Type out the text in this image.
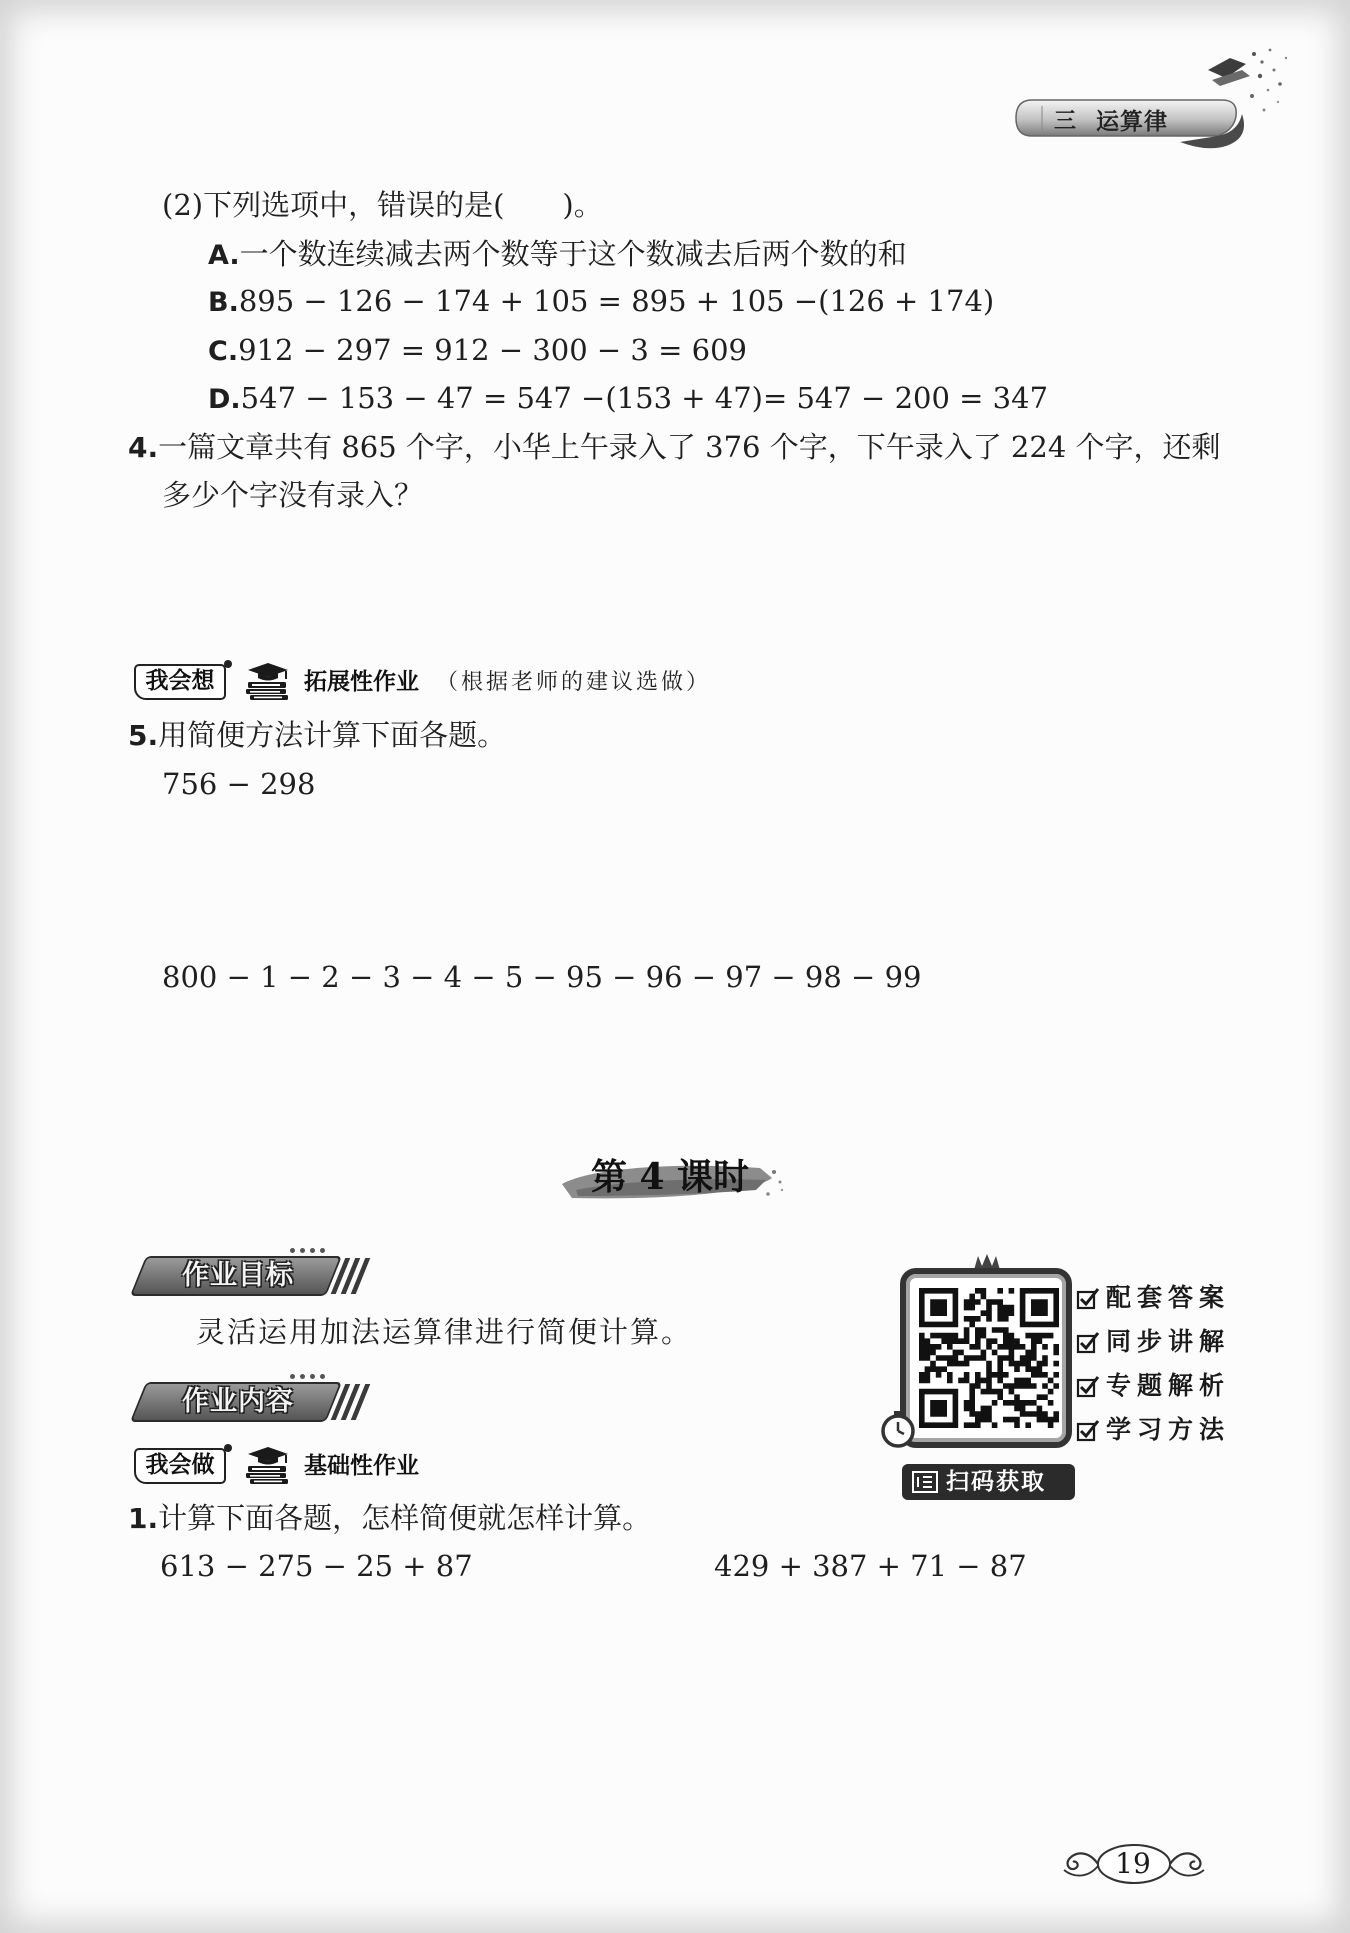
三 运算律
(2)下列选项中，错误的是(　　)。
A.一个数连续减去两个数等于这个数减去后两个数的和
B.895 − 126 − 174 + 105 = 895 + 105 −(126 + 174)
C.912 − 297 = 912 − 300 − 3 = 609
D.547 − 153 − 47 = 547 −(153 + 47)= 547 − 200 = 347
4.一篇文章共有 865 个字，小华上午录入了 376 个字，下午录入了 224 个字，还剩
多少个字没有录入？
我会想	拓展性作业 （根据老师的建议选做）
5.用简便方法计算下面各题。
756 − 298
800 − 1 − 2 − 3 − 4 − 5 − 95 − 96 − 97 − 98 − 99
第 4 课时
作业目标
灵活运用加法运算律进行简便计算。
作业内容
我会做	基础性作业
1.计算下面各题，怎样简便就怎样计算。
613 − 275 − 25 + 87	429 + 387 + 71 − 87
扫码获取
配套答案
同步讲解
专题解析
学习方法
19
